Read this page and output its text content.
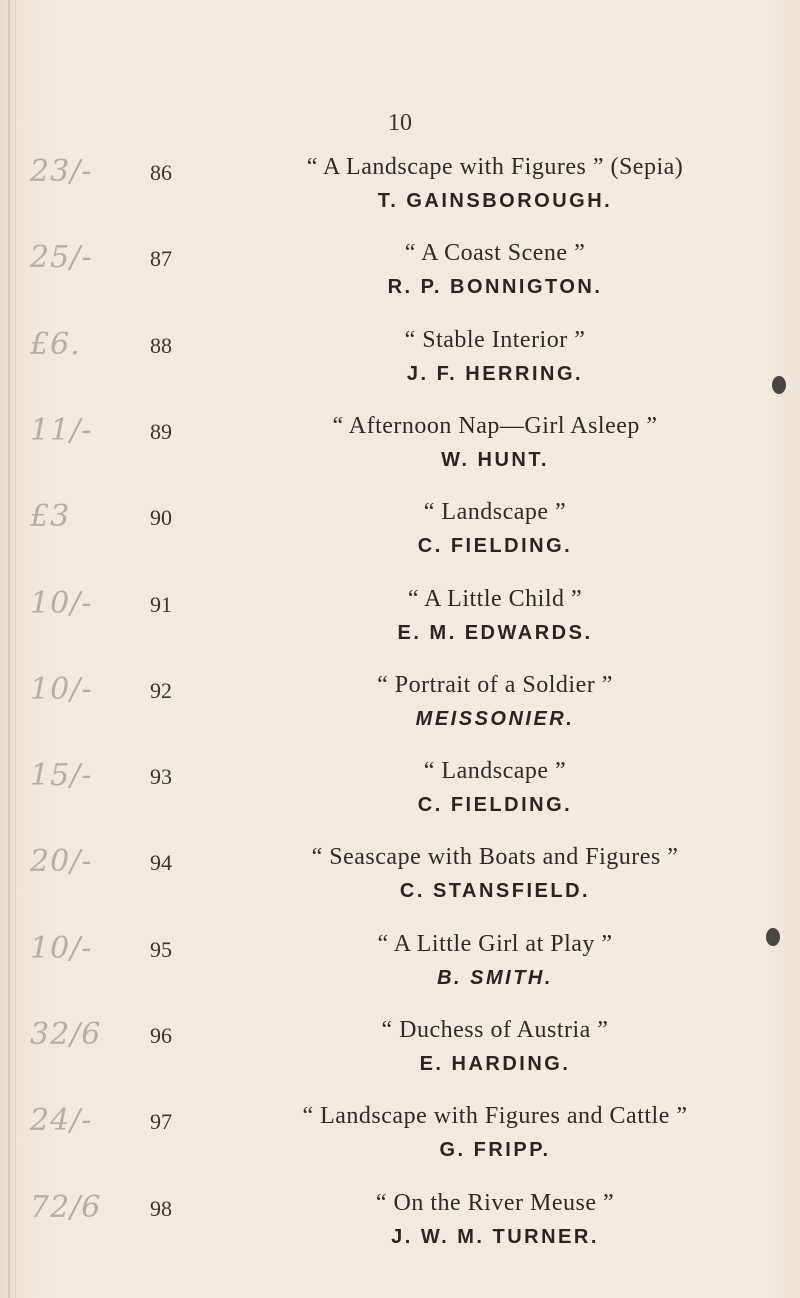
10
23/-	86	“ A Landscape with Figures ” (Sepia)
T. GAINSBOROUGH.
25/-	87	“ A Coast Scene ”
R. P. BONNIGTON.
£6.	88	“ Stable Interior ”
J. F. HERRING.
11/-	89	“ Afternoon Nap—Girl Asleep ”
W. HUNT.
£3	90	“ Landscape ”
C. FIELDING.
10/-	91	“ A Little Child ”
E. M. EDWARDS.
10/-	92	“ Portrait of a Soldier ”
MEISSONIER.
15/-	93	“ Landscape ”
C. FIELDING.
20/-	94	“ Seascape with Boats and Figures ”
C. STANSFIELD.
10/-	95	“ A Little Girl at Play ”
B. SMITH.
32/6	96	“ Duchess of Austria ”
E. HARDING.
24/-	97	“ Landscape with Figures and Cattle ”
G. FRIPP.
72/6	98	“ On the River Meuse ”
J. W. M. TURNER.
